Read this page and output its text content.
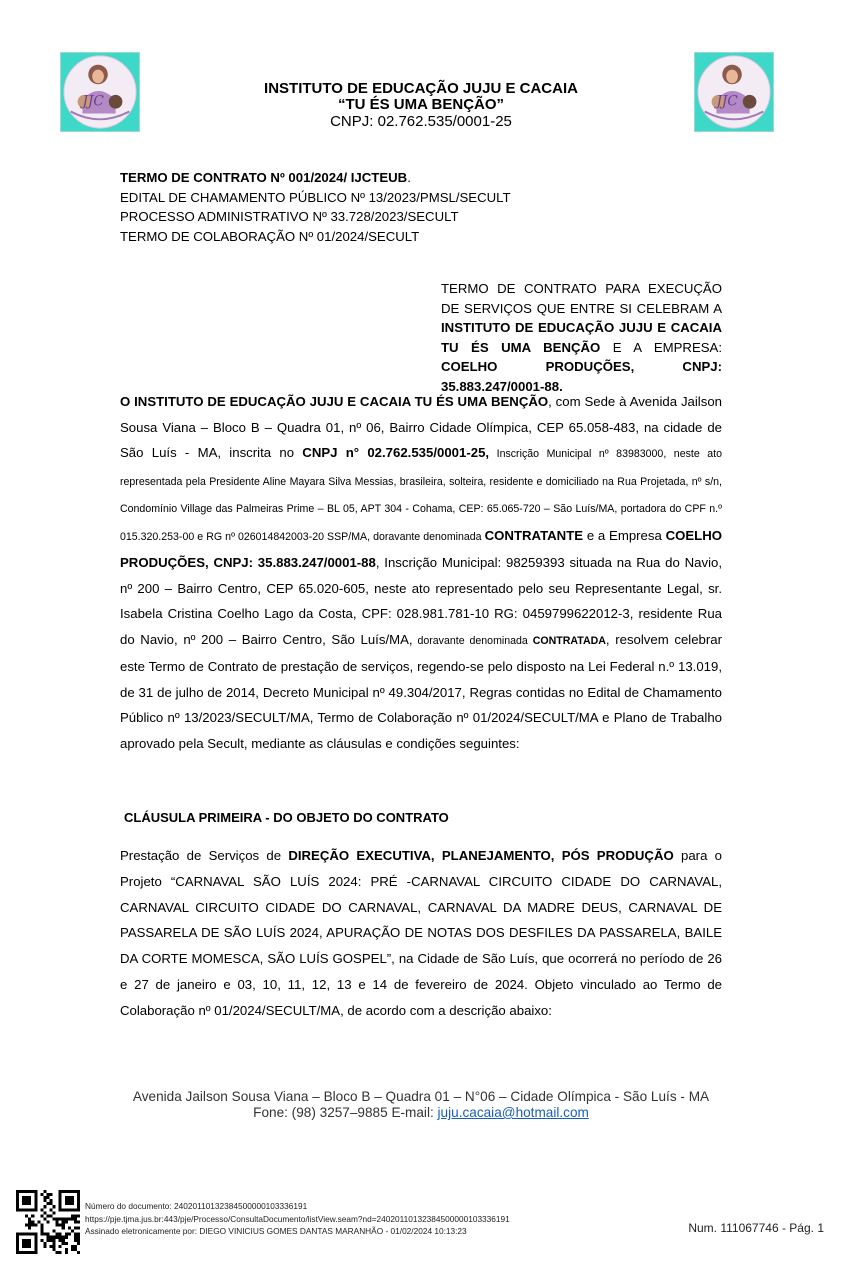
JJC	JJC
INSTITUTO DE EDUCAÇÃO JUJU E CACAIA
“TU ÉS UMA BENÇÃO”
CNPJ: 02.762.535/0001-25
TERMO DE CONTRATO Nº 001/2024/ IJCTEUB.
EDITAL DE CHAMAMENTO PÚBLICO Nº 13/2023/PMSL/SECULT
PROCESSO ADMINISTRATIVO Nº 33.728/2023/SECULT
TERMO DE COLABORAÇÃO Nº 01/2024/SECULT
TERMO DE CONTRATO PARA EXECUÇÃO DE SERVIÇOS QUE ENTRE SI CELEBRAM A INSTITUTO DE EDUCAÇÃO JUJU E CACAIA TU ÉS UMA BENÇÃO E A EMPRESA: COELHO PRODUÇÕES, CNPJ: 35.883.247/0001-88.
O INSTITUTO DE EDUCAÇÃO JUJU E CACAIA TU ÉS UMA BENÇÃO, com Sede à Avenida Jailson Sousa Viana – Bloco B – Quadra 01, nº 06, Bairro Cidade Olímpica, CEP 65.058-483, na cidade de São Luís - MA, inscrita no CNPJ n° 02.762.535/0001-25, Inscrição Municipal nº 83983000, neste ato representada pela Presidente Aline Mayara Silva Messias, brasileira, solteira, residente e domiciliado na Rua Projetada, nº s/n, Condomínio Village das Palmeiras Prime – BL 05, APT 304 - Cohama, CEP: 65.065-720 – São Luís/MA, portadora do CPF n.º 015.320.253-00 e RG nº 026014842003-20 SSP/MA, doravante denominada CONTRATANTE e a Empresa COELHO PRODUÇÕES, CNPJ: 35.883.247/0001-88, Inscrição Municipal: 98259393 situada na Rua do Navio, nº 200 – Bairro Centro, CEP 65.020-605, neste ato representado pelo seu Representante Legal, sr. Isabela Cristina Coelho Lago da Costa, CPF: 028.981.781-10 RG: 0459799622012-3, residente Rua do Navio, nº 200 – Bairro Centro, São Luís/MA, doravante denominada CONTRATADA, resolvem celebrar este Termo de Contrato de prestação de serviços, regendo-se pelo disposto na Lei Federal n.º 13.019, de 31 de julho de 2014, Decreto Municipal nº 49.304/2017, Regras contidas no Edital de Chamamento Público nº 13/2023/SECULT/MA, Termo de Colaboração nº 01/2024/SECULT/MA e Plano de Trabalho aprovado pela Secult, mediante as cláusulas e condições seguintes:
CLÁUSULA PRIMEIRA - DO OBJETO DO CONTRATO
Prestação de Serviços de DIREÇÃO EXECUTIVA, PLANEJAMENTO, PÓS PRODUÇÃO para o Projeto “CARNAVAL SÃO LUÍS 2024: PRÉ -CARNAVAL CIRCUITO CIDADE DO CARNAVAL, CARNAVAL CIRCUITO CIDADE DO CARNAVAL, CARNAVAL DA MADRE DEUS, CARNAVAL DE PASSARELA DE SÃO LUÍS 2024, APURAÇÃO DE NOTAS DOS DESFILES DA PASSARELA, BAILE DA CORTE MOMESCA, SÃO LUÍS GOSPEL”, na Cidade de São Luís, que ocorrerá no período de 26 e 27 de janeiro e 03, 10, 11, 12, 13 e 14 de fevereiro de 2024. Objeto vinculado ao Termo de Colaboração nº 01/2024/SECULT/MA, de acordo com a descrição abaixo:
Avenida Jailson Sousa Viana – Bloco B – Quadra 01 – N°06 – Cidade Olímpica - São Luís - MA
Fone: (98) 3257–9885 E-mail: juju.cacaia@hotmail.com
Número do documento: 24020110132384500000103336191
https://pje.tjma.jus.br:443/pje/Processo/ConsultaDocumento/listView.seam?nd=24020110132384500000103336191
Assinado eletronicamente por: DIEGO VINICIUS GOMES DANTAS MARANHÃO - 01/02/2024 10:13:23	Num. 111067746 - Pág. 1
